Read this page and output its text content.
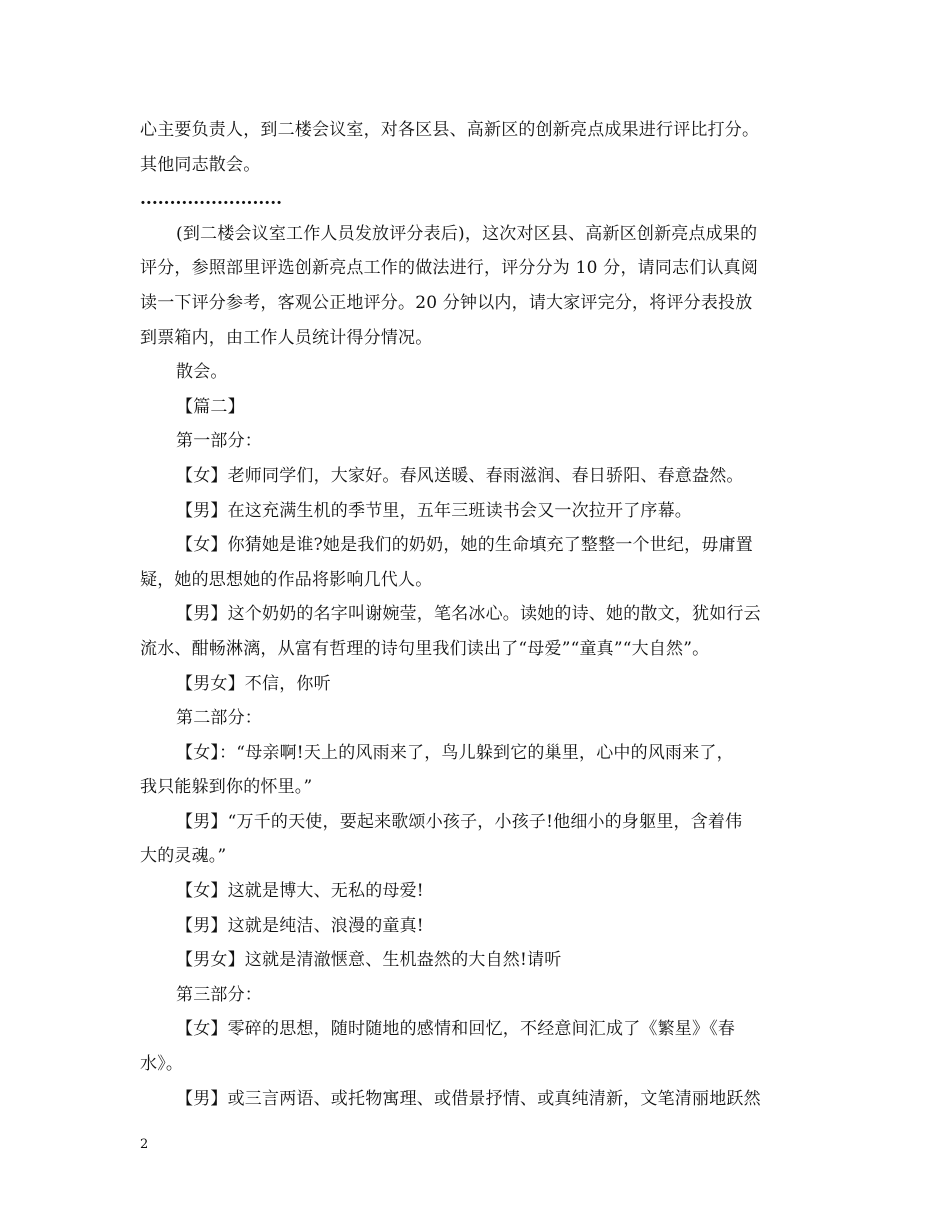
心主要负责人，到二楼会议室，对各区县、高新区的创新亮点成果进行评比打分。
其他同志散会。
........................
(到二楼会议室工作人员发放评分表后)，这次对区县、高新区创新亮点成果的
评分，参照部里评选创新亮点工作的做法进行，评分分为 10 分，请同志们认真阅
读一下评分参考，客观公正地评分。20 分钟以内，请大家评完分，将评分表投放
到票箱内，由工作人员统计得分情况。
散会。
【篇二】
第一部分：
【女】老师同学们，大家好。春风送暖、春雨滋润、春日骄阳、春意盎然。
【男】在这充满生机的季节里，五年三班读书会又一次拉开了序幕。
【女】你猜她是谁?她是我们的奶奶，她的生命填充了整整一个世纪，毋庸置
疑，她的思想她的作品将影响几代人。
【男】这个奶奶的名字叫谢婉莹，笔名冰心。读她的诗、她的散文，犹如行云
流水、酣畅淋漓，从富有哲理的诗句里我们读出了“母爱”“童真”“大自然”。
【男女】不信，你听
第二部分：
【女】：“母亲啊!天上的风雨来了，鸟儿躲到它的巢里，心中的风雨来了，
我只能躲到你的怀里。”
【男】“万千的天使，要起来歌颂小孩子，小孩子!他细小的身躯里，含着伟
大的灵魂。”
【女】这就是博大、无私的母爱!
【男】这就是纯洁、浪漫的童真!
【男女】这就是清澈惬意、生机盎然的大自然!请听
第三部分：
【女】零碎的思想，随时随地的感情和回忆，不经意间汇成了《繁星》《春
水》。
【男】或三言两语、或托物寓理、或借景抒情、或真纯清新，文笔清丽地跃然
2
